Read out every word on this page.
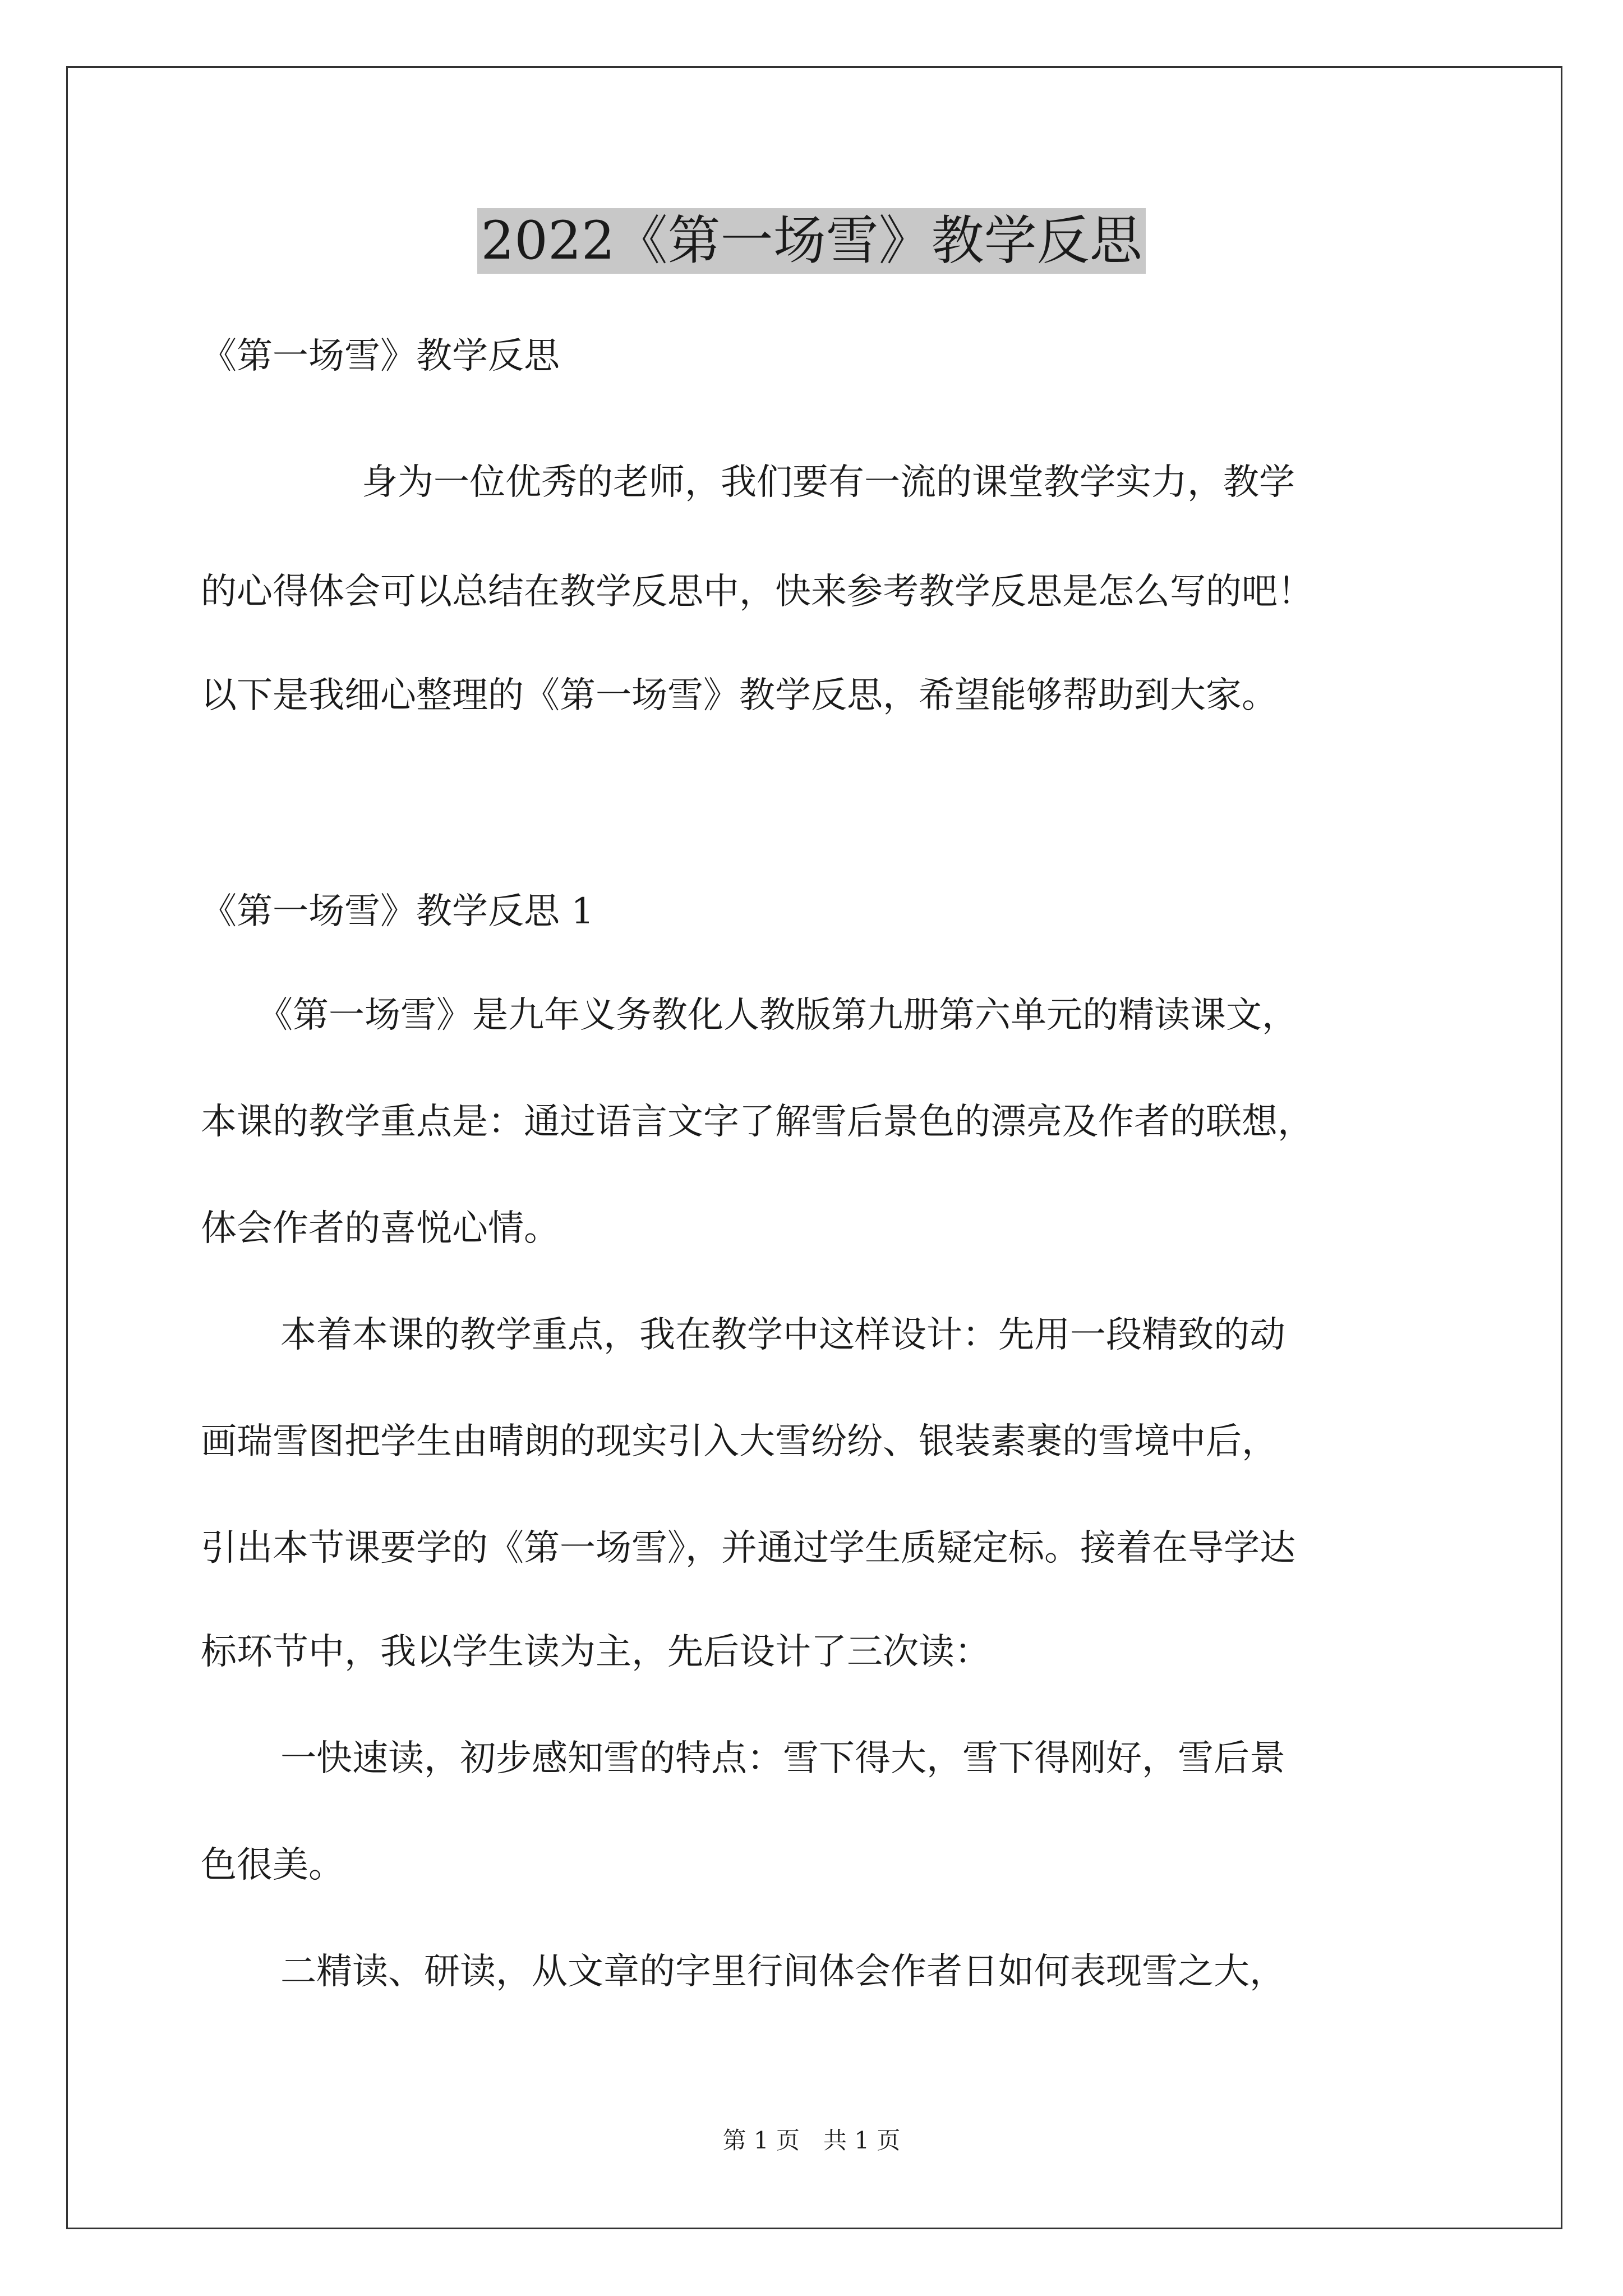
2022《第一场雪》教学反思
《第一场雪》教学反思
身为一位优秀的老师，我们要有一流的课堂教学实力，教学
的心得体会可以总结在教学反思中，快来参考教学反思是怎么写的吧！
以下是我细心整理的《第一场雪》教学反思，希望能够帮助到大家。
《第一场雪》教学反思 1
《第一场雪》是九年义务教化人教版第九册第六单元的精读课文，
本课的教学重点是：通过语言文字了解雪后景色的漂亮及作者的联想，
体会作者的喜悦心情。
本着本课的教学重点，我在教学中这样设计：先用一段精致的动
画瑞雪图把学生由晴朗的现实引入大雪纷纷、银装素裹的雪境中后，
引出本节课要学的《第一场雪》，并通过学生质疑定标。接着在导学达
标环节中，我以学生读为主，先后设计了三次读：
一快速读，初步感知雪的特点：雪下得大，雪下得刚好，雪后景
色很美。
二精读、研读，从文章的字里行间体会作者日如何表现雪之大，
第 1 页　共 1 页
